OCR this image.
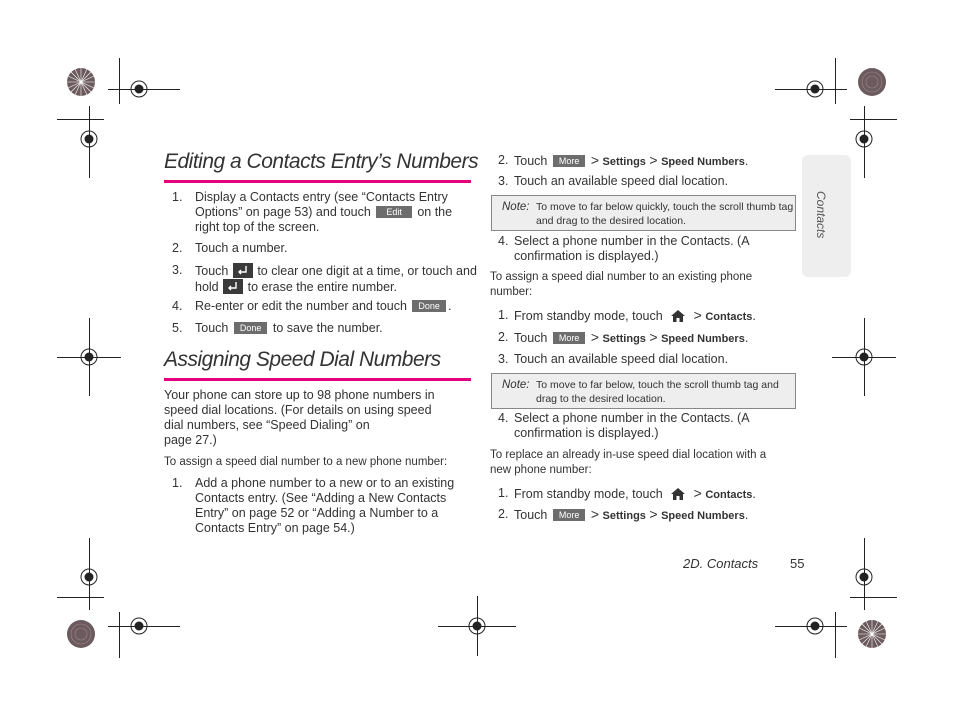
Contacts
Editing a Contacts Entry’s Numbers
1. Display a Contacts entry (see “Contacts Entry
Options” on page 53) and touch Edit on the
right top of the screen.
2. Touch a number.
3. Touch to clear one digit at a time, or touch and
hold to erase the entire number.
4. Re-enter or edit the number and touch Done .
5. Touch Done to save the number.
Assigning Speed Dial Numbers
Your phone can store up to 98 phone numbers in
speed dial locations. (For details on using speed
dial numbers, see “Speed Dialing” on
page 27.)
To assign a speed dial number to a new phone number:
1. Add a phone number to a new or to an existing
Contacts entry. (See “Adding a New Contacts
Entry” on page 52 or “Adding a Number to a
Contacts Entry” on page 54.)
2. Touch More > Settings > Speed Numbers.
3. Touch an available speed dial location.
Note: To move to far below quickly, touch the scroll thumb tag
and drag to the desired location.
4. Select a phone number in the Contacts. (A
confirmation is displayed.)
To assign a speed dial number to an existing phone
number:
1. From standby mode, touch > Contacts.
2. Touch More > Settings > Speed Numbers.
3. Touch an available speed dial location.
Note: To move to far below, touch the scroll thumb tag and
drag to the desired location.
4. Select a phone number in the Contacts. (A
confirmation is displayed.)
To replace an already in-use speed dial location with a
new phone number:
1. From standby mode, touch > Contacts.
2. Touch More > Settings > Speed Numbers.
2D. Contacts 55
